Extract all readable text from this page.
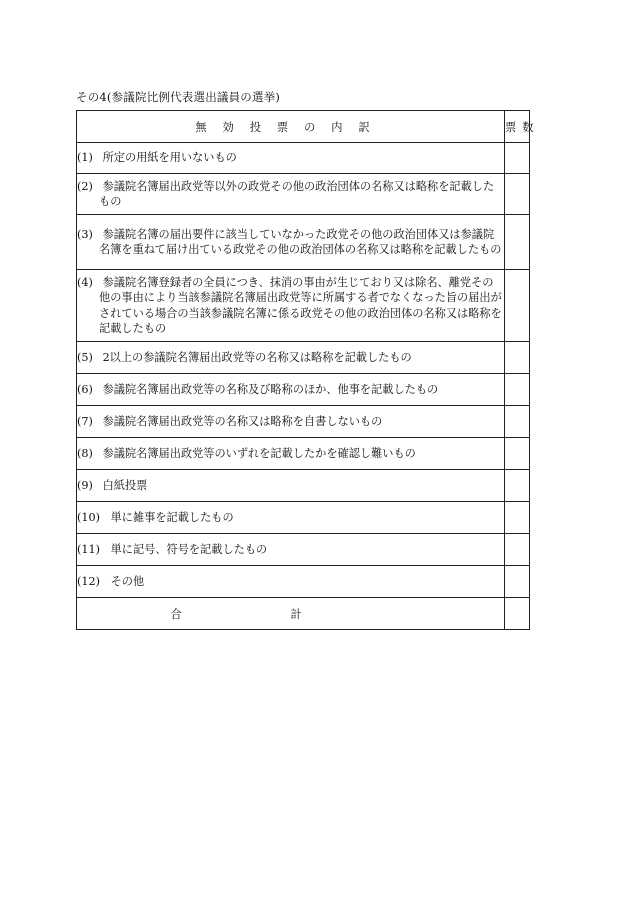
その4(参議院比例代表選出議員の選挙)
無効投票の内訳	票数

(1) 所定の用紙を用いないもの	

(2) 参議院名簿届出政党等以外の政党その他の政治団体の名称又は略称を記載したもの	

(3) 参議院名簿の届出要件に該当していなかった政党その他の政治団体又は参議院名簿を重ねて届け出ている政党その他の政治団体の名称又は略称を記載したもの	

(4) 参議院名簿登録者の全員につき、抹消の事由が生じており又は除名、離党その他の事由により当該参議院名簿届出政党等に所属する者でなくなった旨の届出がされている場合の当該参議院名簿に係る政党その他の政治団体の名称又は略称を記載したもの	

(5) 2以上の参議院名簿届出政党等の名称又は略称を記載したもの	

(6) 参議院名簿届出政党等の名称及び略称のほか、他事を記載したもの	

(7) 参議院名簿届出政党等の名称又は略称を自書しないもの	

(8) 参議院名簿届出政党等のいずれを記載したかを確認し難いもの	

(9) 白紙投票	

(10) 単に雑事を記載したもの	
(11) 単に記号、符号を記載したもの	
(12) その他	

合 計	
